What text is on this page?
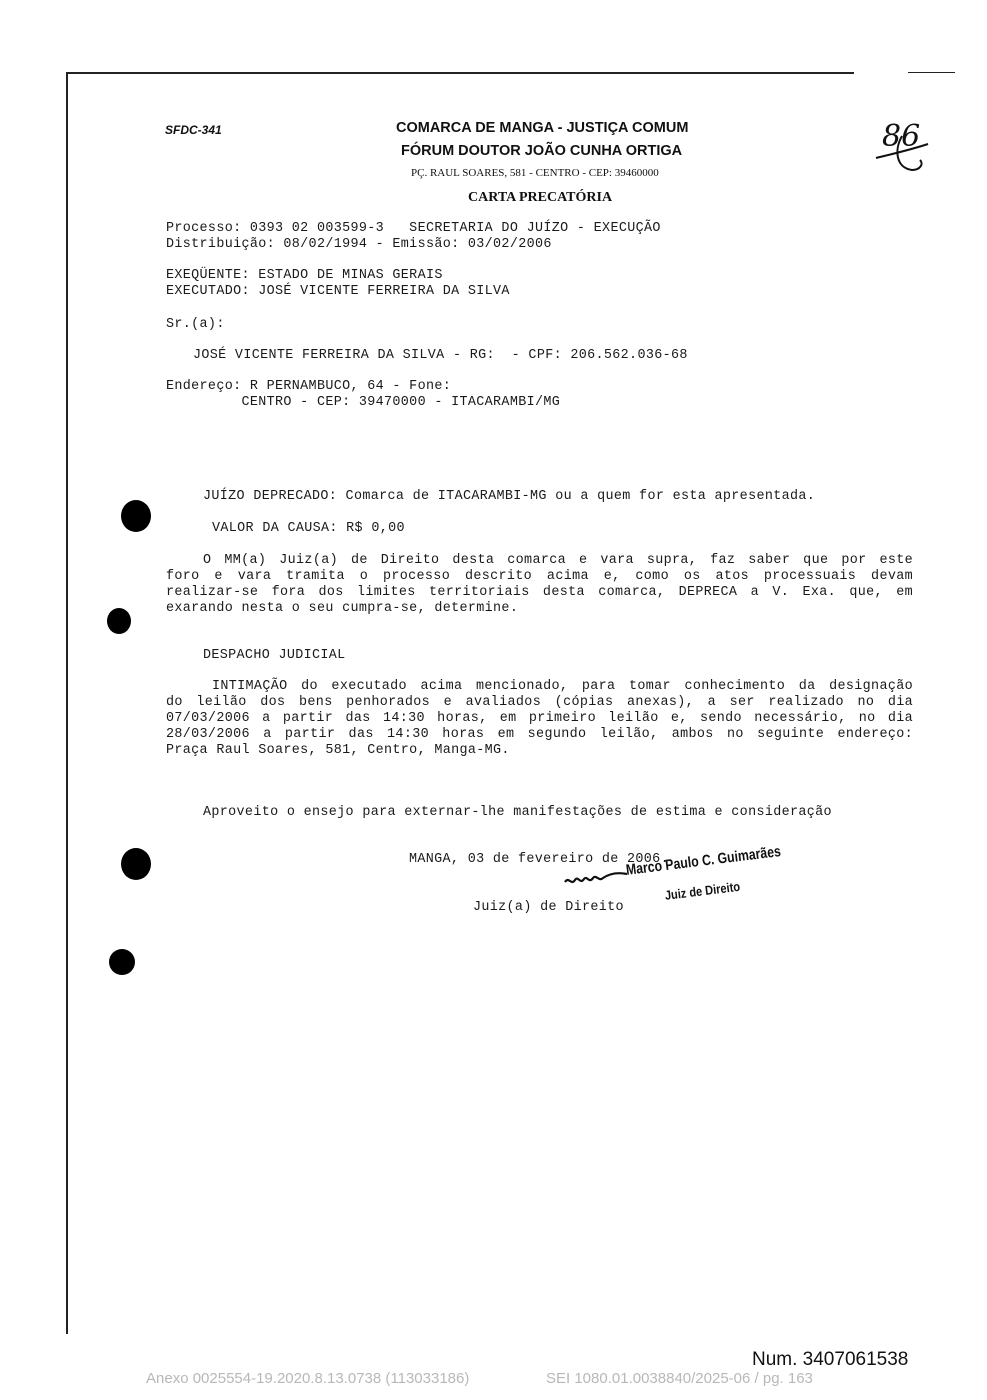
SFDC-341	COMARCA DE MANGA - JUSTIÇA COMUM
FÓRUM DOUTOR JOÃO CUNHA ORTIGA
PÇ. RAUL SOARES, 581 - CENTRO - CEP: 39460000
CARTA PRECATÓRIA
86
Processo: 0393 02 003599-3   SECRETARIA DO JUÍZO - EXECUÇÃO
Distribuição: 08/02/1994 - Emissão: 03/02/2006
EXEQÜENTE: ESTADO DE MINAS GERAIS
EXECUTADO: JOSÉ VICENTE FERREIRA DA SILVA
Sr.(a):
JOSÉ VICENTE FERREIRA DA SILVA - RG:  - CPF: 206.562.036-68
Endereço: R PERNAMBUCO, 64 - Fone:
CENTRO - CEP: 39470000 - ITACARAMBI/MG
JUÍZO DEPRECADO: Comarca de ITACARAMBI-MG ou a quem for esta apresentada.
VALOR DA CAUSA: R$ 0,00
O MM(a) Juiz(a) de Direito desta comarca e vara supra, faz saber que por este
foro e vara tramita o processo descrito acima e, como os atos processuais devam
realizar-se fora dos limites territoriais desta comarca, DEPRECA a V. Exa. que, em
exarando nesta o seu cumpra-se, determine.
DESPACHO JUDICIAL
INTIMAÇÃO do executado acima mencionado, para tomar conhecimento da designação
do leilão dos bens penhorados e avaliados (cópias anexas), a ser realizado no dia
07/03/2006 a partir das 14:30 horas, em primeiro leilão e, sendo necessário, no dia
28/03/2006 a partir das 14:30 horas em segundo leilão, ambos no seguinte endereço:
Praça Raul Soares, 581, Centro, Manga-MG.
Aproveito o ensejo para externar-lhe manifestações de estima e consideração
MANGA, 03 de fevereiro de 2006.
Marco Paulo C. Guimarães
Juiz de Direito
Juiz(a) de Direito
Num. 3407061538
Anexo 0025554-19.2020.8.13.0738 (113033186)	SEI 1080.01.0038840/2025-06 / pg. 163
